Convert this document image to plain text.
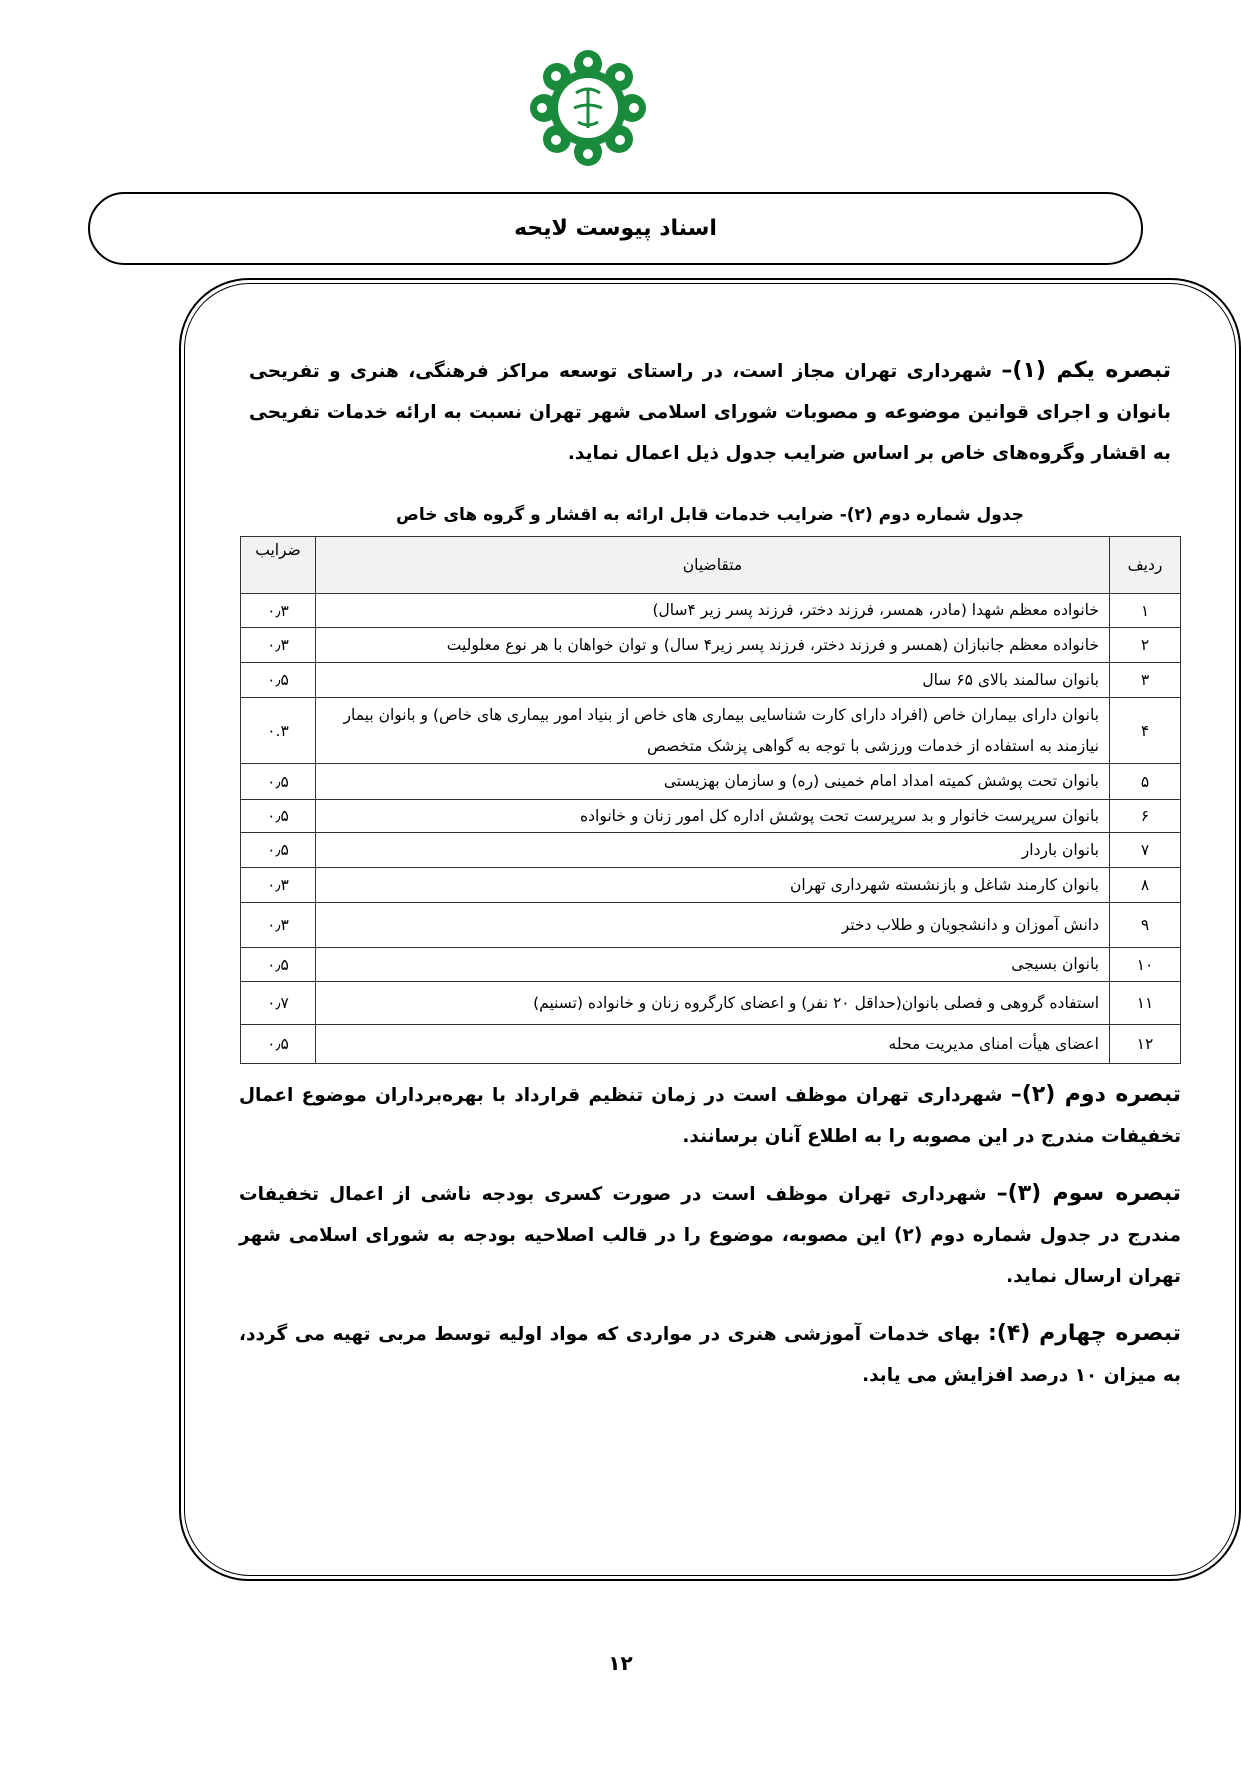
اسناد پیوست لایحه

تبصره یکم (۱)– شهرداری تهران مجاز است، در راستای توسعه مراکز فرهنگی، هنری و تفریحی بانوان و اجرای قوانین موضوعه و مصوبات شورای اسلامی شهر تهران نسبت به ارائه خدمات تفریحی به اقشار وگروه‌های خاص بر اساس ضرایب جدول ذیل اعمال نماید.

جدول شماره دوم (۲)- ضرایب خدمات قابل ارائه به اقشار و گروه های خاص
ردیف	متقاضیان	ضرایب
۱	خانواده معظم شهدا (مادر، همسر، فرزند دختر، فرزند پسر زیر ۴سال)	۰٫۳
۲	خانواده معظم جانبازان (همسر و فرزند دختر، فرزند پسر زیر۴ سال) و توان خواهان با هر نوع معلولیت	۰٫۳
۳	بانوان سالمند بالای ۶۵ سال	۰٫۵
۴	بانوان دارای بیماران خاص (افراد دارای کارت شناسایی بیماری های خاص از بنیاد امور بیماری های خاص) و بانوان بیمار نیازمند به استفاده از خدمات ورزشی با توجه به گواهی پزشک متخصص	۰.۳
۵	بانوان تحت پوشش کمیته امداد امام خمینی (ره) و سازمان بهزیستی	۰٫۵
۶	بانوان سرپرست خانوار و بد سرپرست تحت پوشش اداره کل امور زنان و خانواده	۰٫۵
۷	بانوان باردار	۰٫۵
۸	بانوان کارمند شاغل و بازنشسته شهرداری تهران	۰٫۳
۹	دانش آموزان و دانشجویان و طلاب دختر	۰٫۳
۱۰	بانوان بسیجی	۰٫۵
۱۱	استفاده گروهی و فصلی بانوان(حداقل ۲۰ نفر) و اعضای کارگروه زنان و خانواده (تسنیم)	۰٫۷
۱۲	اعضای هیأت امنای مدیریت محله	۰٫۵

تبصره دوم (۲)– شهرداری تهران موظف است در زمان تنظیم قرارداد با بهره‌برداران موضوع اعمال تخفیفات مندرج در این مصوبه را به اطلاع آنان برسانند.

تبصره سوم (۳)– شهرداری تهران موظف است در صورت کسری بودجه ناشی از اعمال تخفیفات مندرج در جدول شماره دوم (۲) این مصوبه، موضوع را در قالب اصلاحیه بودجه به شورای اسلامی شهر تهران ارسال نماید.

تبصره چهارم (۴): بهای خدمات آموزشی هنری در مواردی که مواد اولیه توسط مربی تهیه می گردد، به میزان ۱۰ درصد افزایش می یابد.

۱۲
